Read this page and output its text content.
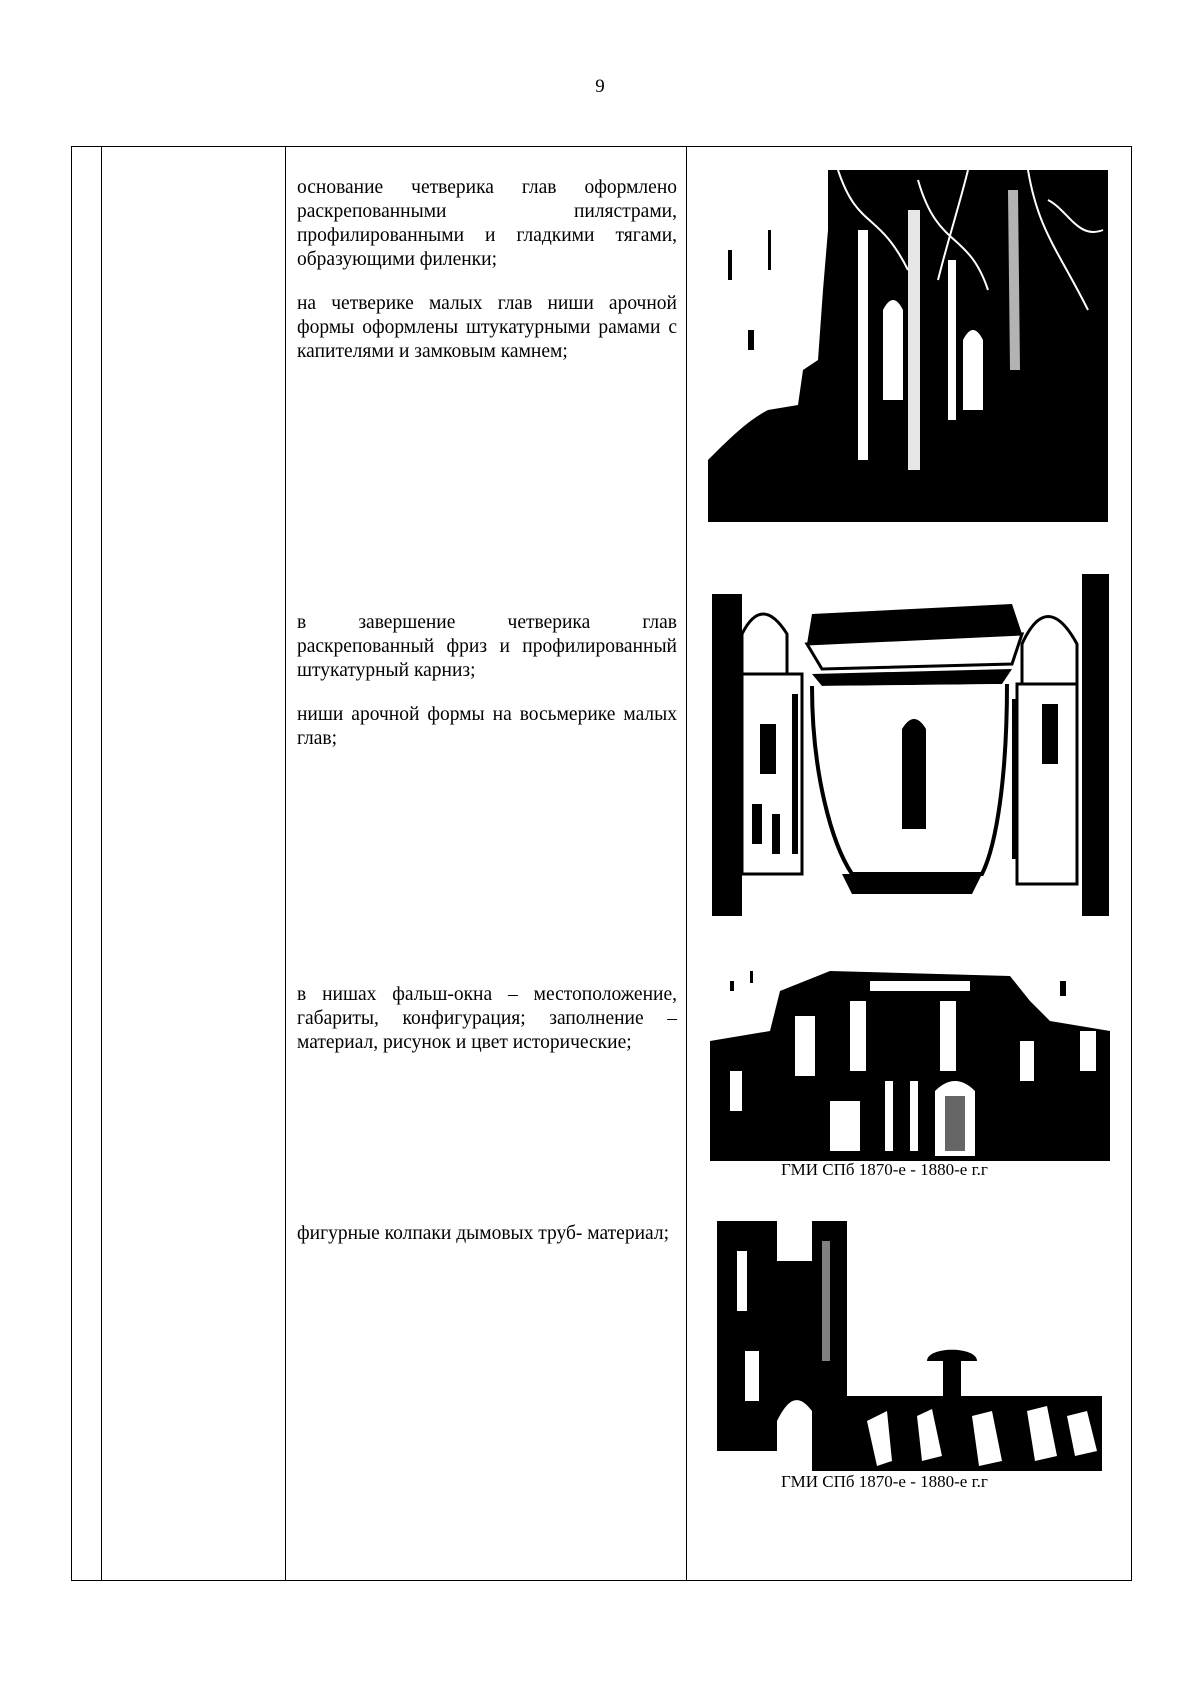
9

основание четверика глав оформлено раскрепованными пилястрами, профилированными и гладкими тягами, образующими филенки;

на четверике малых глав ниши арочной формы оформлены штукатурными рамами с капителями и замковым камнем;

в завершение четверика глав раскрепованный фриз и профилированный штукатурный карниз;

ниши арочной формы на восьмерике малых глав;

в нишах фальш-окна – местоположение, габариты, конфигурация; заполнение – материал, рисунок и цвет исторические;

фигурные колпаки дымовых труб- материал;

ГМИ СПб 1870-е - 1880-е г.г
ГМИ СПб 1870-е - 1880-е г.г
